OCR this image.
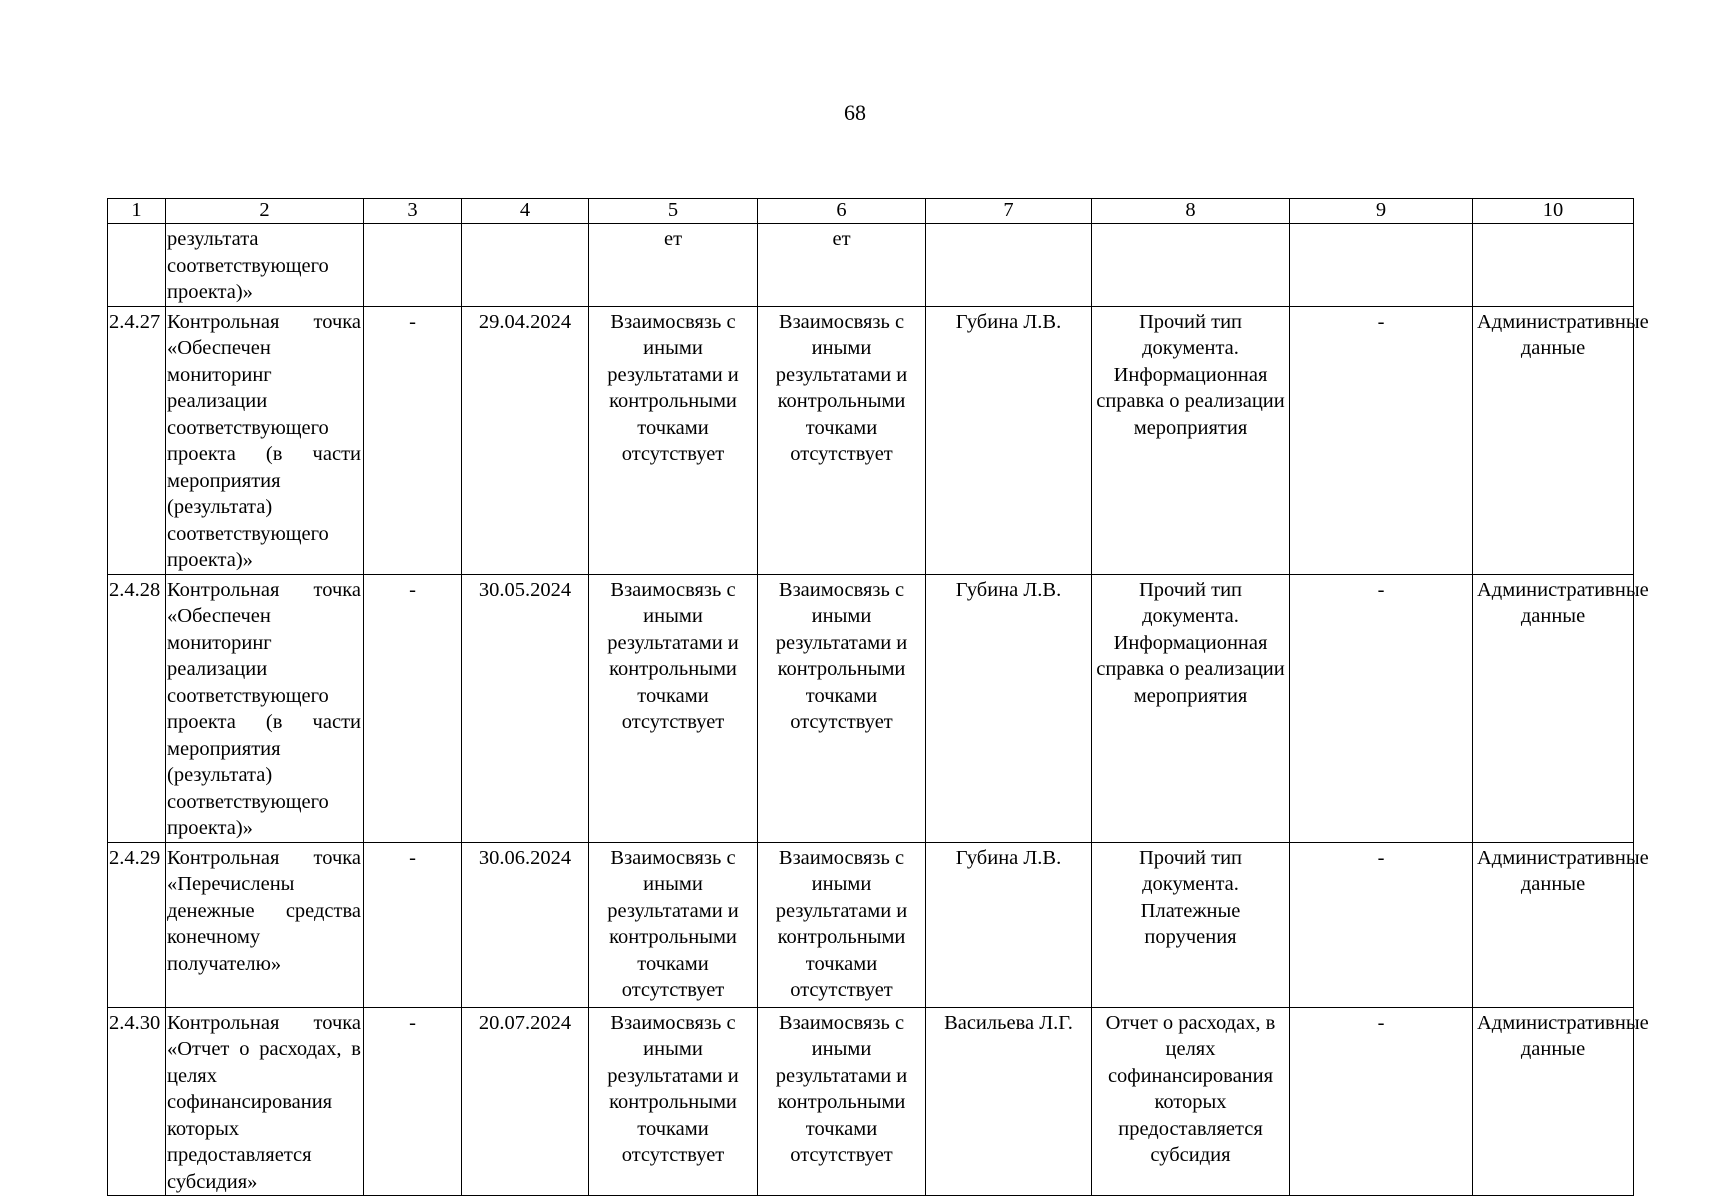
68
1	2	3	4	5	6	7	8	9	10
	результата соответствующего проекта)»			ет	ет				
2.4.27	Контрольная точка «Обеспечен мониторинг реализации соответствующего проекта (в части мероприятия (результата) соответствующего проекта)»	-	29.04.2024	Взаимосвязь с иными результатами и контрольными точками отсутствует	Взаимосвязь с иными результатами и контрольными точками отсутствует	Губина Л.В.	Прочий тип документа. Информационная справка о реализации мероприятия	-	Административные данные
2.4.28	Контрольная точка «Обеспечен мониторинг реализации соответствующего проекта (в части мероприятия (результата) соответствующего проекта)»	-	30.05.2024	Взаимосвязь с иными результатами и контрольными точками отсутствует	Взаимосвязь с иными результатами и контрольными точками отсутствует	Губина Л.В.	Прочий тип документа. Информационная справка о реализации мероприятия	-	Административные данные
2.4.29	Контрольная точка «Перечислены денежные средства конечному получателю»	-	30.06.2024	Взаимосвязь с иными результатами и контрольными точками отсутствует	Взаимосвязь с иными результатами и контрольными точками отсутствует	Губина Л.В.	Прочий тип документа. Платежные поручения	-	Административные данные
2.4.30	Контрольная точка «Отчет о расходах, в целях софинансирования которых предоставляется субсидия»	-	20.07.2024	Взаимосвязь с иными результатами и контрольными точками отсутствует	Взаимосвязь с иными результатами и контрольными точками отсутствует	Васильева Л.Г.	Отчет о расходах, в целях софинансирования которых предоставляется субсидия	-	Административные данные
